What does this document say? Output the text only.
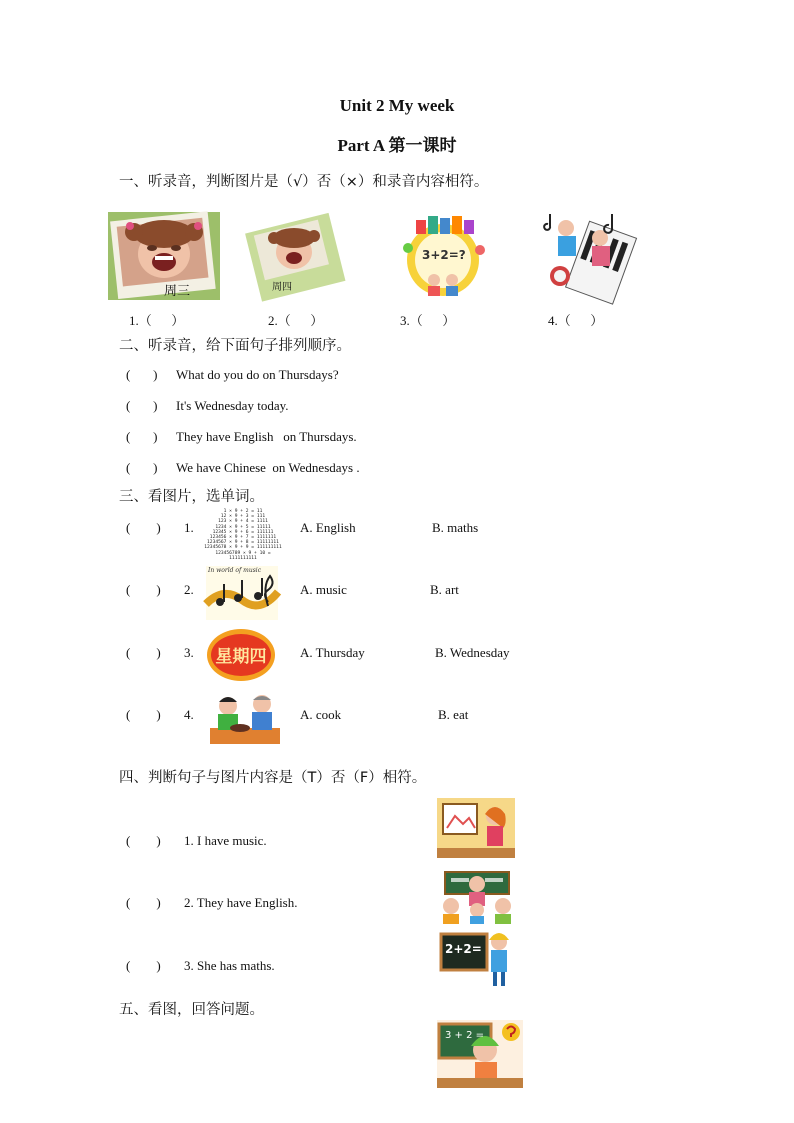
Unit 2 My week
Part A 第一课时
一、听录音，判断图片是（√）否（×）和录音内容相符。
周三	周四
3+2=?
1.（      ）	2.（      ）	3.（      ）	4.（      ）
二、听录音，给下面句子排列顺序。
(       ) What do you do on Thursdays?
(       ) It's Wednesday today.
(       ) They have English   on Thursdays.
(       ) We have Chinese  on Wednesdays .
三、看图片，选单词。
(        ) 1.
1 × 9 + 2 = 11
12 × 9 + 3 = 111
123 × 9 + 4 = 1111
1234 × 9 + 5 = 11111
12345 × 9 + 6 = 111111
123456 × 9 + 7 = 1111111
1234567 × 9 + 8 = 11111111
12345678 × 9 + 9 = 111111111
123456789 × 9 + 10 = 1111111111
A. English	B. maths
(        ) 2.
In world of music
A. music	B. art
(        ) 3.	星期四	A. Thursday	B. Wednesday
(        ) 4.	A. cook	B. eat
四、判断句子与图片内容是（T）否（F）相符。
(        ) 1. I have music.
(        ) 2. They have English.
2+2=
(        ) 3. She has maths.
五、看图，回答问题。
3 + 2 =
